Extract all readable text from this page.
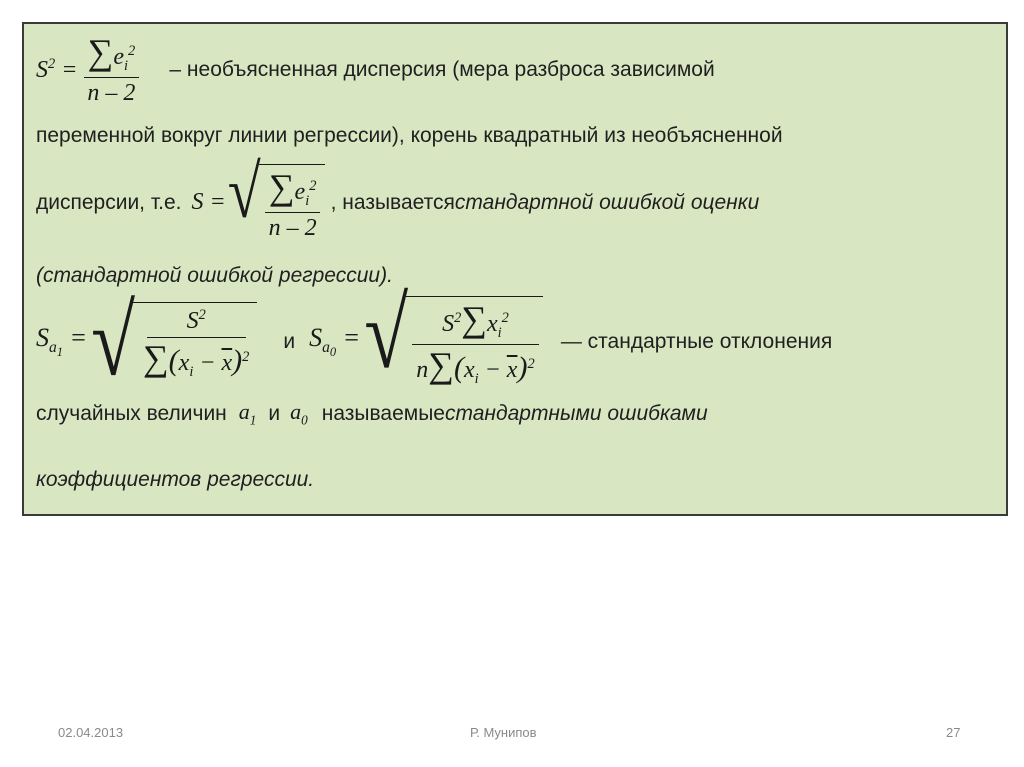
$S^2 = \frac{\sum e_i^2}{n - 2}$ – необъясненная дисперсия (мера разброса зависимой
переменной вокруг линии регрессии), корень квадратный из необъясненной
дисперсии, т.е. S = √ $\frac{\sum e_i^2}{n - 2}$ , называется стандартной ошибкой оценки
(стандартной ошибкой регрессии).
$S_{a_1}$ = √ $\frac{S^2}{\sum(x_i - \overline{x})^2}$ и $S_{a_0}$ = √ $\frac{S^2\sum x_i^2}{n\sum(x_i - \overline{x})^2}$ — стандартные отклонения
случайных величин $a_1$ и $a_0$ называемые стандартными ошибками
коэффициентов регрессии.
02.04.2013	Р. Мунипов	27
